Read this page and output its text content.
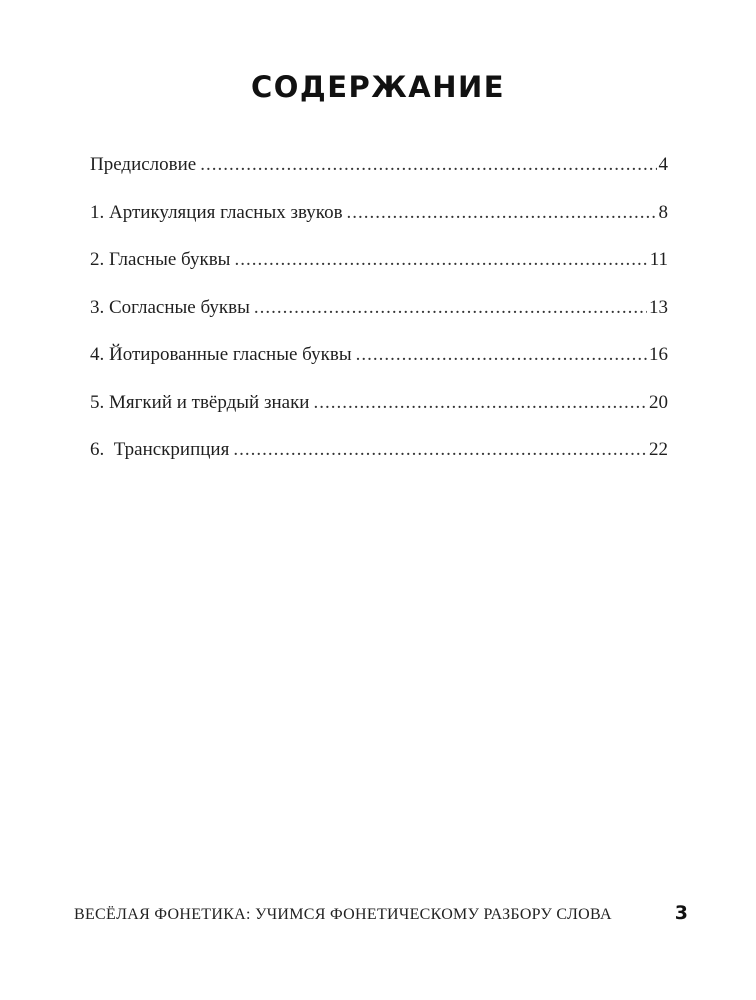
СОДЕРЖАНИЕ
Предисловие .....	4
1. Артикуляция гласных звуков .....	8
2. Гласные буквы .....	11
3. Согласные буквы .....	13
4. Йотированные гласные буквы .....	16
5. Мягкий и твёрдый знаки .....	20
6.  Транскрипция .....	22
ВЕСЁЛАЯ ФОНЕТИКА: УЧИМСЯ ФОНЕТИЧЕСКОМУ РАЗБОРУ СЛОВА	3
